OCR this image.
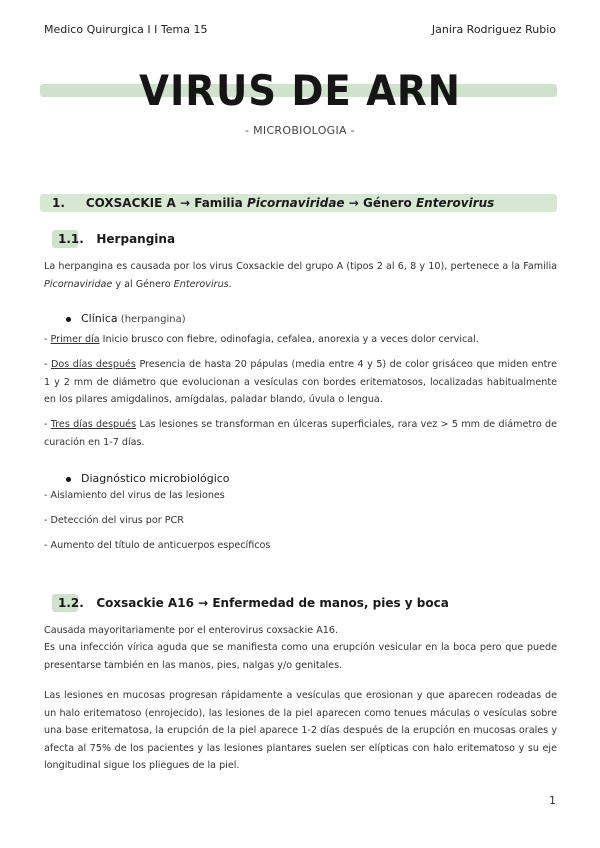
Medico Quirurgica I I Tema 15	Janira Rodriguez Rubio
VIRUS DE ARN
- MICROBIOLOGIA -
1. COXSACKIE A → Familia Picornaviridae → Género Enterovirus
1.1. Herpangina
La herpangina es causada por los virus Coxsackie del grupo A (tipos 2 al 6, 8 y 10), pertenece a la Familia Picornaviridae y al Género Enterovirus.
Clínica (herpangina)
- Primer día Inicio brusco con fiebre, odinofagia, cefalea, anorexia y a veces dolor cervical.
- Dos días después Presencia de hasta 20 pápulas (media entre 4 y 5) de color grisáceo que miden entre 1 y 2 mm de diámetro que evolucionan a vesículas con bordes eritematosos, localizadas habitualmente en los pilares amigdalinos, amígdalas, paladar blando, úvula o lengua.
- Tres días después Las lesiones se transforman en úlceras superficiales, rara vez > 5 mm de diámetro de curación en 1-7 días.
Diagnóstico microbiológico
- Aislamiento del virus de las lesiones
- Detección del virus por PCR
- Aumento del título de anticuerpos específicos
1.2. Coxsackie A16 → Enfermedad de manos, pies y boca
Causada mayoritariamente por el enterovirus coxsackie A16.
Es una infección vírica aguda que se manifiesta como una erupción vesicular en la boca pero que puede presentarse también en las manos, pies, nalgas y/o genitales.
Las lesiones en mucosas progresan rápidamente a vesículas que erosionan y que aparecen rodeadas de un halo eritematoso (enrojecido), las lesiones de la piel aparecen como tenues máculas o vesículas sobre una base eritematosa, la erupción de la piel aparece 1-2 días después de la erupción en mucosas orales y afecta al 75% de los pacientes y las lesiones plantares suelen ser elípticas con halo eritematoso y su eje longitudinal sigue los pliegues de la piel.
1
